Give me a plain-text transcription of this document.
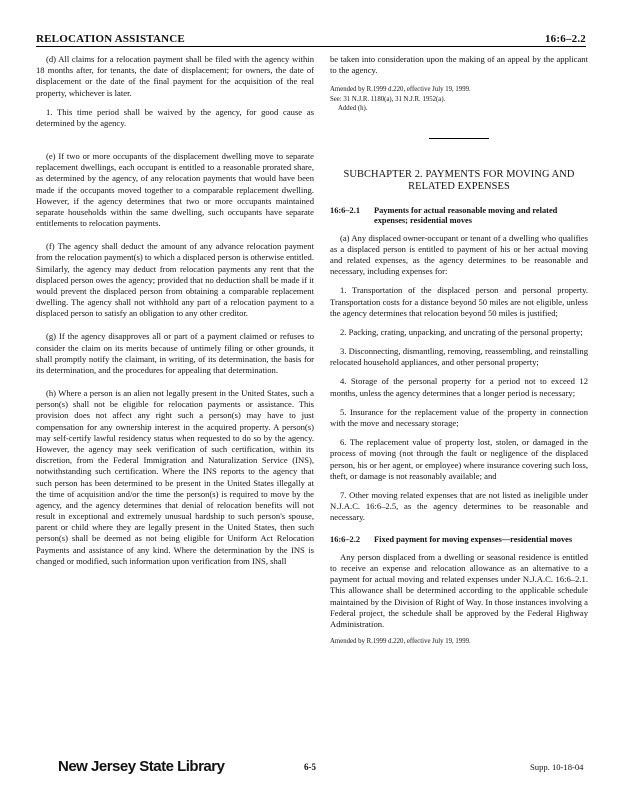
RELOCATION ASSISTANCE	16:6–2.2

(d) All claims for a relocation payment shall be filed with the agency within 18 months after, for tenants, the date of displacement; for owners, the date of displacement or the date of the final payment for the acquisition of the real property, whichever is later.

1. This time period shall be waived by the agency, for good cause as determined by the agency.

(e) If two or more occupants of the displacement dwelling move to separate replacement dwellings, each occupant is entitled to a reasonable prorated share, as determined by the agency, of any relocation payments that would have been made if the occupants moved together to a comparable replacement dwelling. However, if the agency determines that two or more occupants maintained separate households within the same dwelling, such occupants have separate entitlements to relocation payments.

(f) The agency shall deduct the amount of any advance relocation payment from the relocation payment(s) to which a displaced person is otherwise entitled. Similarly, the agency may deduct from relocation payments any rent that the displaced person owes the agency; provided that no deduction shall be made if it would prevent the displaced person from obtaining a comparable replacement dwelling. The agency shall not withhold any part of a relocation payment to a displaced person to satisfy an obligation to any other creditor.

(g) If the agency disapproves all or part of a payment claimed or refuses to consider the claim on its merits because of untimely filing or other grounds, it shall promptly notify the claimant, in writing, of its determination, the basis for its determination, and the procedures for appealing that determination.

(h) Where a person is an alien not legally present in the United States, such a person(s) shall not be eligible for relocation payments or assistance. This provision does not affect any right such a person(s) may have to just compensation for any ownership interest in the acquired property. A person(s) may self-certify lawful residency status when requested to do so by the agency. However, the agency may seek verification of such certification, within its discretion, from the Federal Immigration and Naturalization Service (INS), notwithstanding such certification. Where the INS reports to the agency that such person has been determined to be present in the United States illegally at the time of acquisition and/or the time the person(s) is required to move by the agency, and the agency determines that denial of relocation benefits will not result in exceptional and extremely unusual hardship to such person's spouse, parent or child where they are legally present in the United States, then such person(s) shall be deemed as not being eligible for Uniform Act Relocation Payments and assistance of any kind. Where the determination by the INS is changed or modified, such information upon verification from INS, shall

be taken into consideration upon the making of an appeal by the applicant to the agency.

Amended by R.1999 d.220, effective July 19, 1999.
See: 31 N.J.R. 1180(a), 31 N.J.R. 1952(a).
Added (h).
SUBCHAPTER 2. PAYMENTS FOR MOVING AND
RELATED EXPENSES
16:6–2.1	Payments for actual reasonable moving and related expenses; residential moves

(a) Any displaced owner-occupant or tenant of a dwelling who qualifies as a displaced person is entitled to payment of his or her actual moving and related expenses, as the agency determines to be reasonable and necessary, including expenses for:

1. Transportation of the displaced person and personal property. Transportation costs for a distance beyond 50 miles are not eligible, unless the agency determines that relocation beyond 50 miles is justified;

2. Packing, crating, unpacking, and uncrating of the personal property;

3. Disconnecting, dismantling, removing, reassembling, and reinstalling relocated household appliances, and other personal property;

4. Storage of the personal property for a period not to exceed 12 months, unless the agency determines that a longer period is necessary;

5. Insurance for the replacement value of the property in connection with the move and necessary storage;

6. The replacement value of property lost, stolen, or damaged in the process of moving (not through the fault or negligence of the displaced person, his or her agent, or employee) where insurance covering such loss, theft, or damage is not reasonably available; and

7. Other moving related expenses that are not listed as ineligible under N.J.A.C. 16:6–2.5, as the agency determines to be reasonable and necessary.

16:6–2.2	Fixed payment for moving expenses—residential moves

Any person displaced from a dwelling or seasonal residence is entitled to receive an expense and relocation allowance as an alternative to a payment for actual moving and related expenses under N.J.A.C. 16:6–2.1. This allowance shall be determined according to the applicable schedule maintained by the Division of Right of Way. In those instances involving a Federal project, the schedule shall be approved by the Federal Highway Administration.

Amended by R.1999 d.220, effective July 19, 1999.
New Jersey State Library	6-5	Supp. 10-18-04
